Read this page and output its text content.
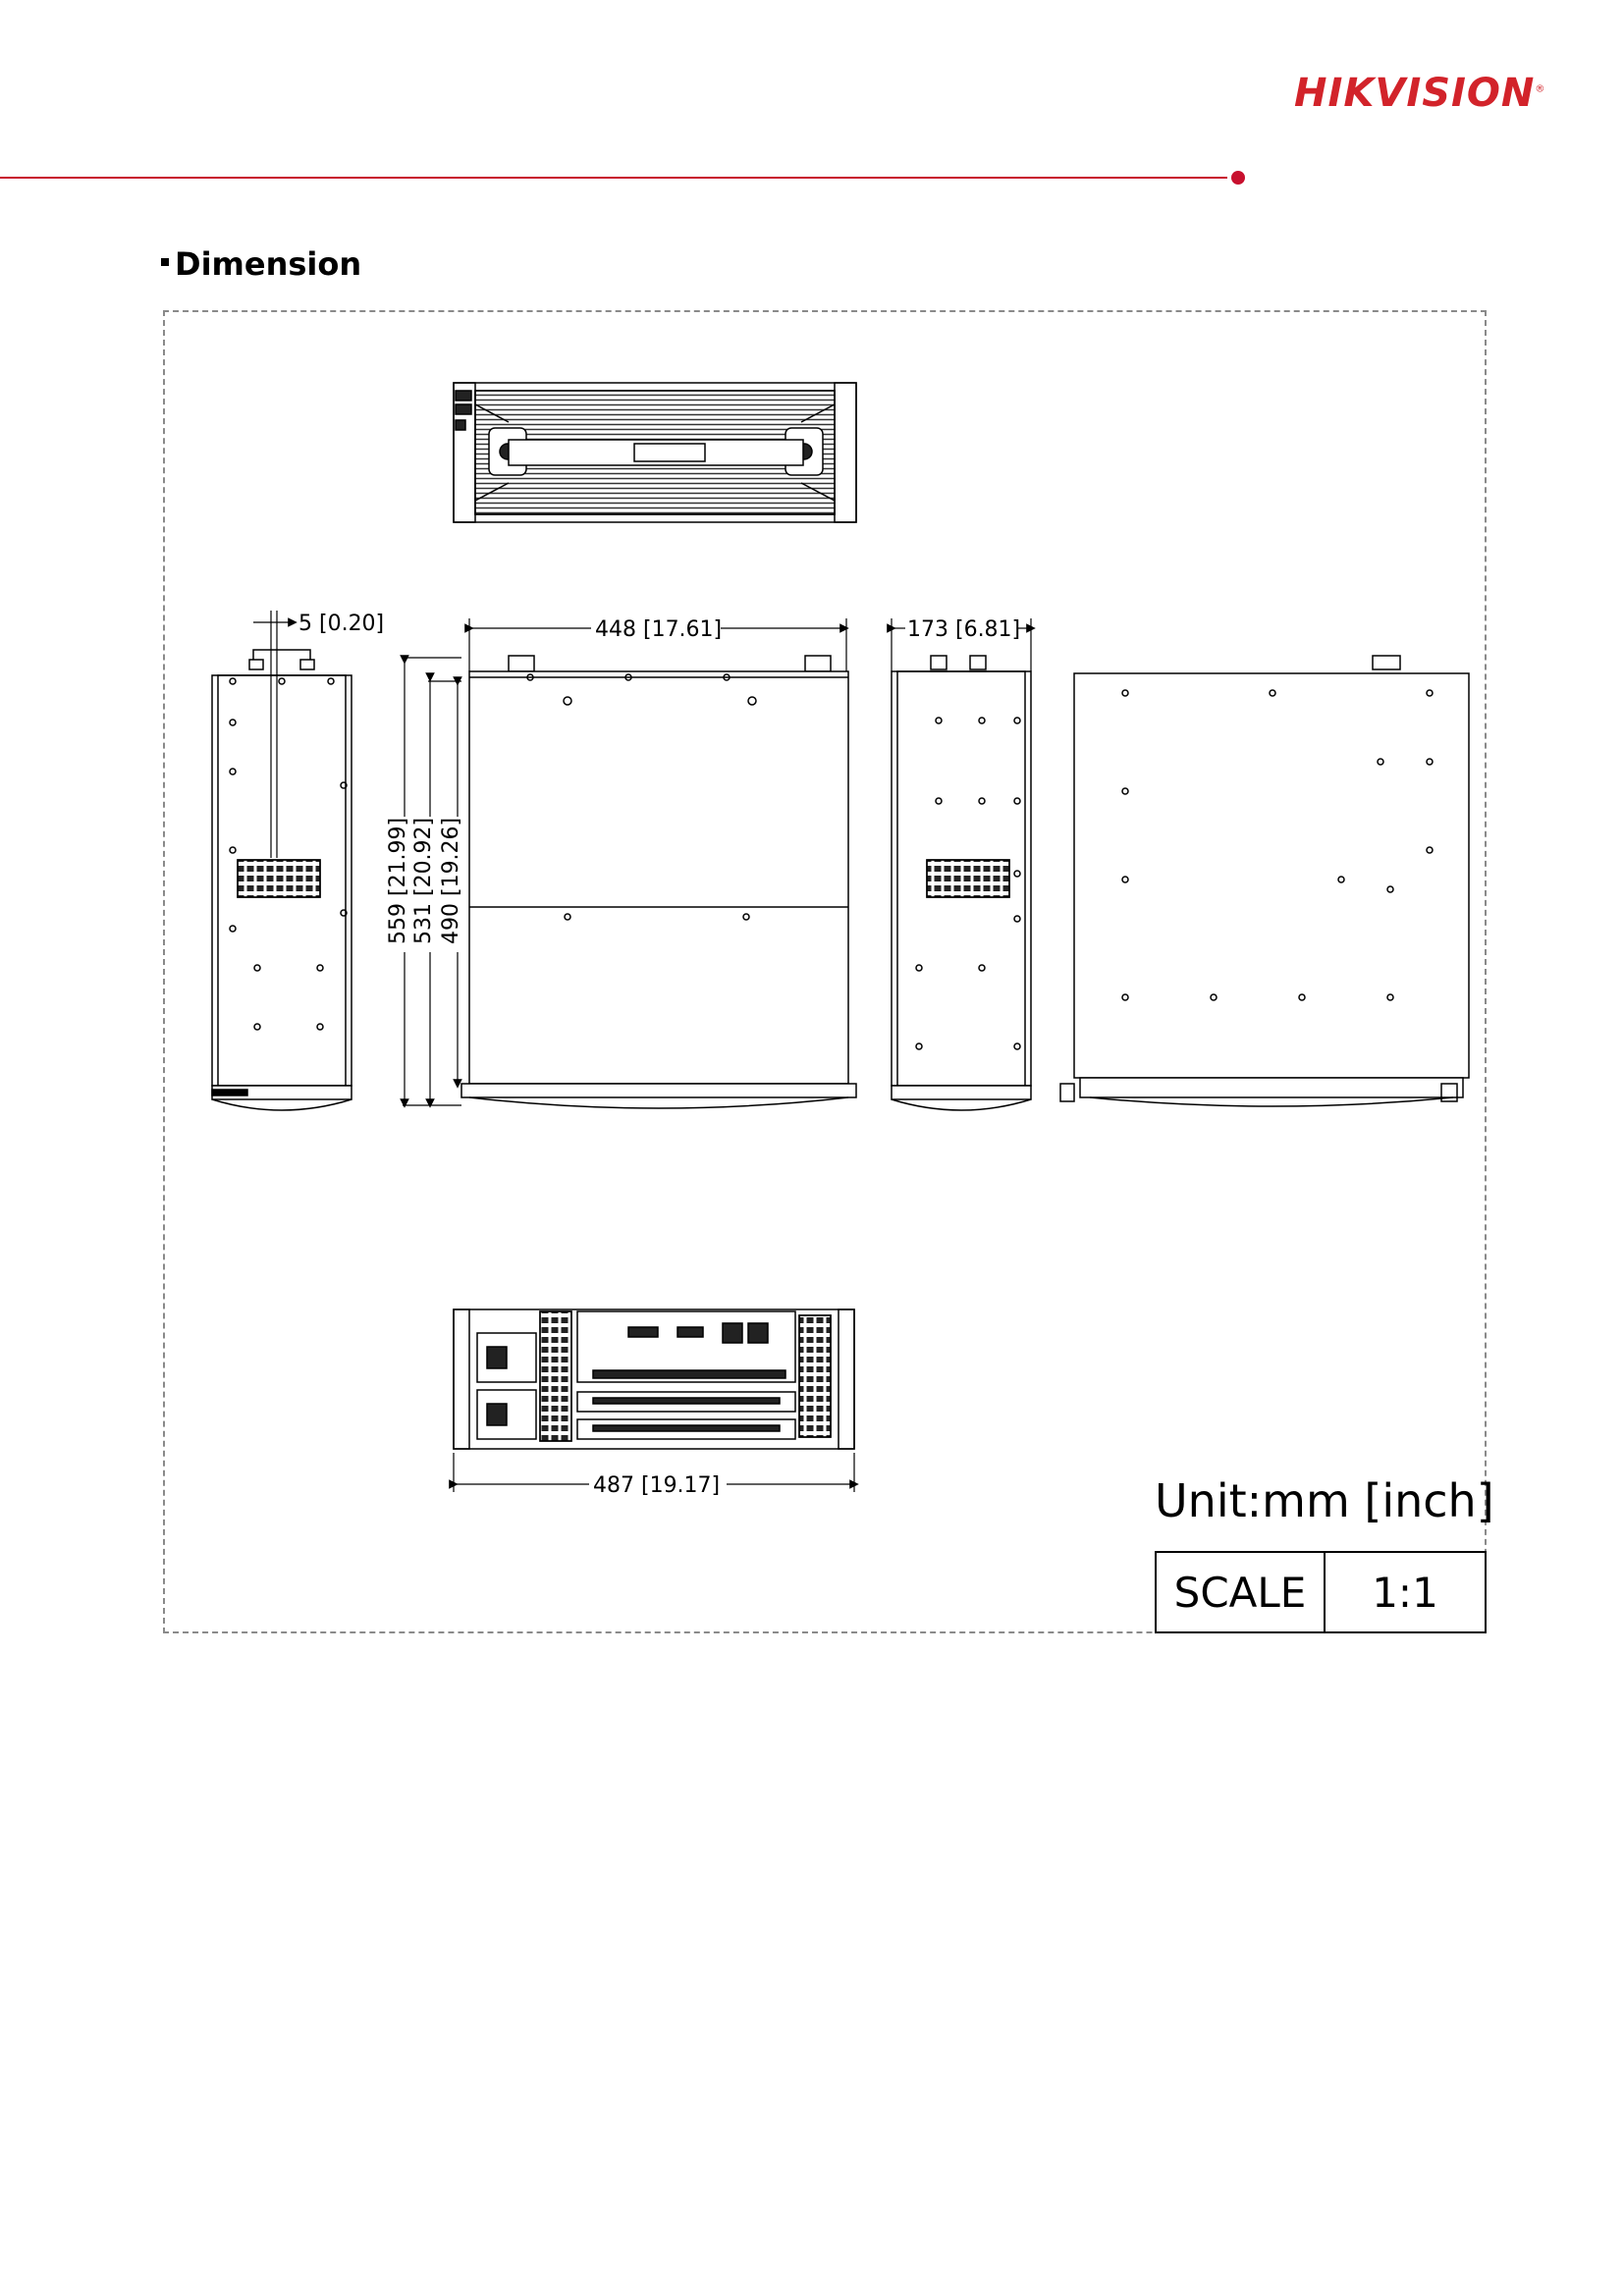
HIKVISION®
Dimension
5 [0.20]	448 [17.61]	173 [6.81]
559 [21.99] 531 [20.92] 490 [19.26]
487 [19.17]	Unit:mm [inch]
SCALE	1:1
